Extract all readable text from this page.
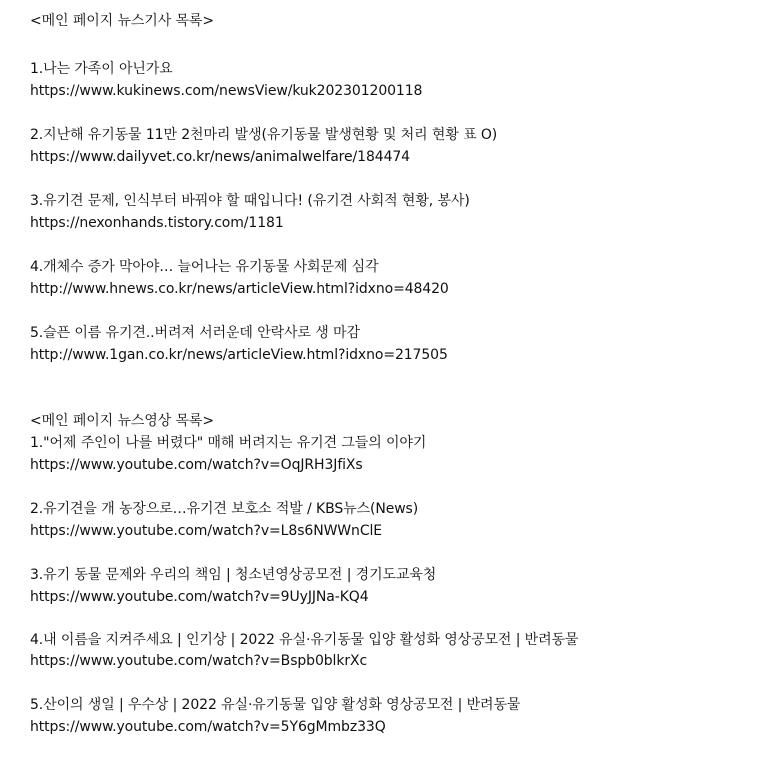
<메인 페이지 뉴스기사 목록>
1.나는 가족이 아닌가요
https://www.kukinews.com/newsView/kuk202301200118
2.지난해 유기동물 11만 2천마리 발생(유기동물 발생현황 및 처리 현황 표 O)
https://www.dailyvet.co.kr/news/animalwelfare/184474
3.유기견 문제, 인식부터 바꿔야 할 때입니다! (유기견 사회적 현황, 봉사)
https://nexonhands.tistory.com/1181
4.개체수 증가 막아야… 늘어나는 유기동물 사회문제 심각
http://www.hnews.co.kr/news/articleView.html?idxno=48420
5.슬픈 이름 유기견..버려져 서러운데 안락사로 생 마감
http://www.1gan.co.kr/news/articleView.html?idxno=217505
<메인 페이지 뉴스영상 목록>
1."어제 주인이 나를 버렸다" 매해 버려지는 유기견 그들의 이야기
https://www.youtube.com/watch?v=OqJRH3JfiXs
2.유기견을 개 농장으로…유기견 보호소 적발 / KBS뉴스(News)
https://www.youtube.com/watch?v=L8s6NWWnClE
3.유기 동물 문제와 우리의 책임 | 청소년영상공모전 | 경기도교육청
https://www.youtube.com/watch?v=9UyJJNa-KQ4
4.내 이름을 지켜주세요 | 인기상 | 2022 유실·유기동물 입양 활성화 영상공모전 | 반려동물
https://www.youtube.com/watch?v=Bspb0blkrXc
5.산이의 생일 | 우수상 | 2022 유실·유기동물 입양 활성화 영상공모전 | 반려동물
https://www.youtube.com/watch?v=5Y6gMmbz33Q
